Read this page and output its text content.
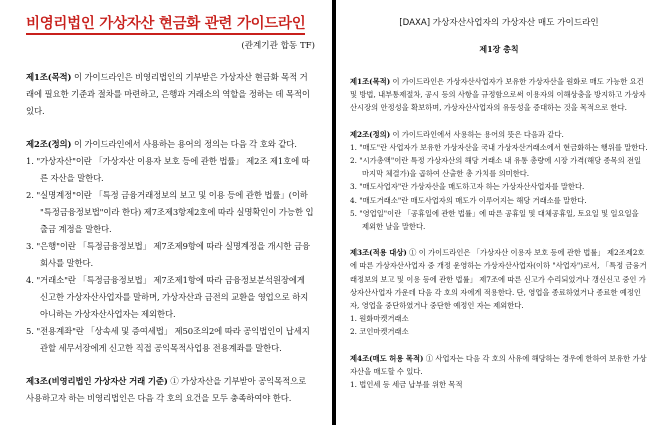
비영리법인 가상자산 현금화 관련 가이드라인

(관계기관 합동 TF)

제1조(목적) 이 가이드라인은 비영리법인의 기부받은 가상자산 현금화 목적 거래에 필요한 기준과 절차를 마련하고, 은행과 거래소의 역할을 정하는 데 목적이 있다.

제2조(정의) 이 가이드라인에서 사용하는 용어의 정의는 다음 각 호와 같다.

1. "가상자산"이란 「가상자산 이용자 보호 등에 관한 법률」 제2조 제1호에 따른 자산을 말한다.

2. "실명계정"이란 「특정 금융거래정보의 보고 및 이용 등에 관한 법률」(이하 "특정금융정보법"이라 한다) 제7조제3항제2호에 따라 실명확인이 가능한 입출금 계정을 말한다.

3. "은행"이란 「특정금융정보법」 제7조제9항에 따라 실명계정을 개시한 금융회사를 말한다.

4. "거래소"란 「특정금융정보법」 제7조제1항에 따라 금융정보분석원장에게 신고한 가상자산사업자를 말하며, 가상자산과 금전의 교환을 영업으로 하지 아니하는 가상자산사업자는 제외한다.

5. "전용계좌"란 「상속세 및 증여세법」 제50조의2에 따라 공익법인이 납세지 관할 세무서장에게 신고한 직접 공익목적사업용 전용계좌를 말한다.

제3조(비영리법인 가상자산 거래 기준) ① 가상자산을 기부받아 공익목적으로 사용하고자 하는 비영리법인은 다음 각 호의 요건을 모두 충족하여야 한다.

[DAXA] 가상자산사업자의 가상자산 매도 가이드라인
제1장 총칙

제1조(목적) 이 가이드라인은 가상자산사업자가 보유한 가상자산을 원화로 매도 가능한 요건 및 방법, 내부통제절차, 공시 등의 사항을 규정함으로써 이용자의 이해상충을 방지하고 가상자산시장의 안정성을 확보하며, 가상자산사업자의 유동성을 증대하는 것을 목적으로 한다.

제2조(정의) 이 가이드라인에서 사용하는 용어의 뜻은 다음과 같다.

1. "매도"란 사업자가 보유한 가상자산을 국내 가상자산거래소에서 현금화하는 행위를 말한다.

2. "시가총액"이란 특정 가상자산의 해당 거래소 내 유통 총량에 시장 가격(해당 종목의 전일 마지막 체결가)을 곱하여 산출한 총 가치를 의미한다.

3. "매도사업자"란 가상자산을 매도하고자 하는 가상자산사업자를 말한다.

4. "매도거래소"란 매도사업자의 매도가 이루어지는 해당 거래소를 말한다.

5. "영업일"이란 「공휴일에 관한 법률」에 따른 공휴일 및 대체공휴일, 토요일 및 일요일을 제외한 날을 말한다.

제3조(적용 대상) ① 이 가이드라인은 「가상자산 이용자 보호 등에 관한 법률」 제2조제2호에 따른 가상자산사업자 중 개정 운영하는 가상자산사업자(이하 "사업자")로서, 「특정 금융거래정보의 보고 및 이용 등에 관한 법률」 제7조에 따른 신고가 수리되었거나 갱신신고 중인 가상자산사업자 가운데 다음 각 호의 자에게 적용한다. 단, 영업을 종료하였거나 종료한 예정인 자, 영업을 중단하였거나 중단한 예정인 자는 제외한다.

1. 원화마켓거래소

2. 코인마켓거래소

제4조(매도 허용 목적) ① 사업자는 다음 각 호의 사유에 해당하는 경우에 한하여 보유한 가상자산을 매도할 수 있다.

1. 법인세 등 세금 납부를 위한 목적
